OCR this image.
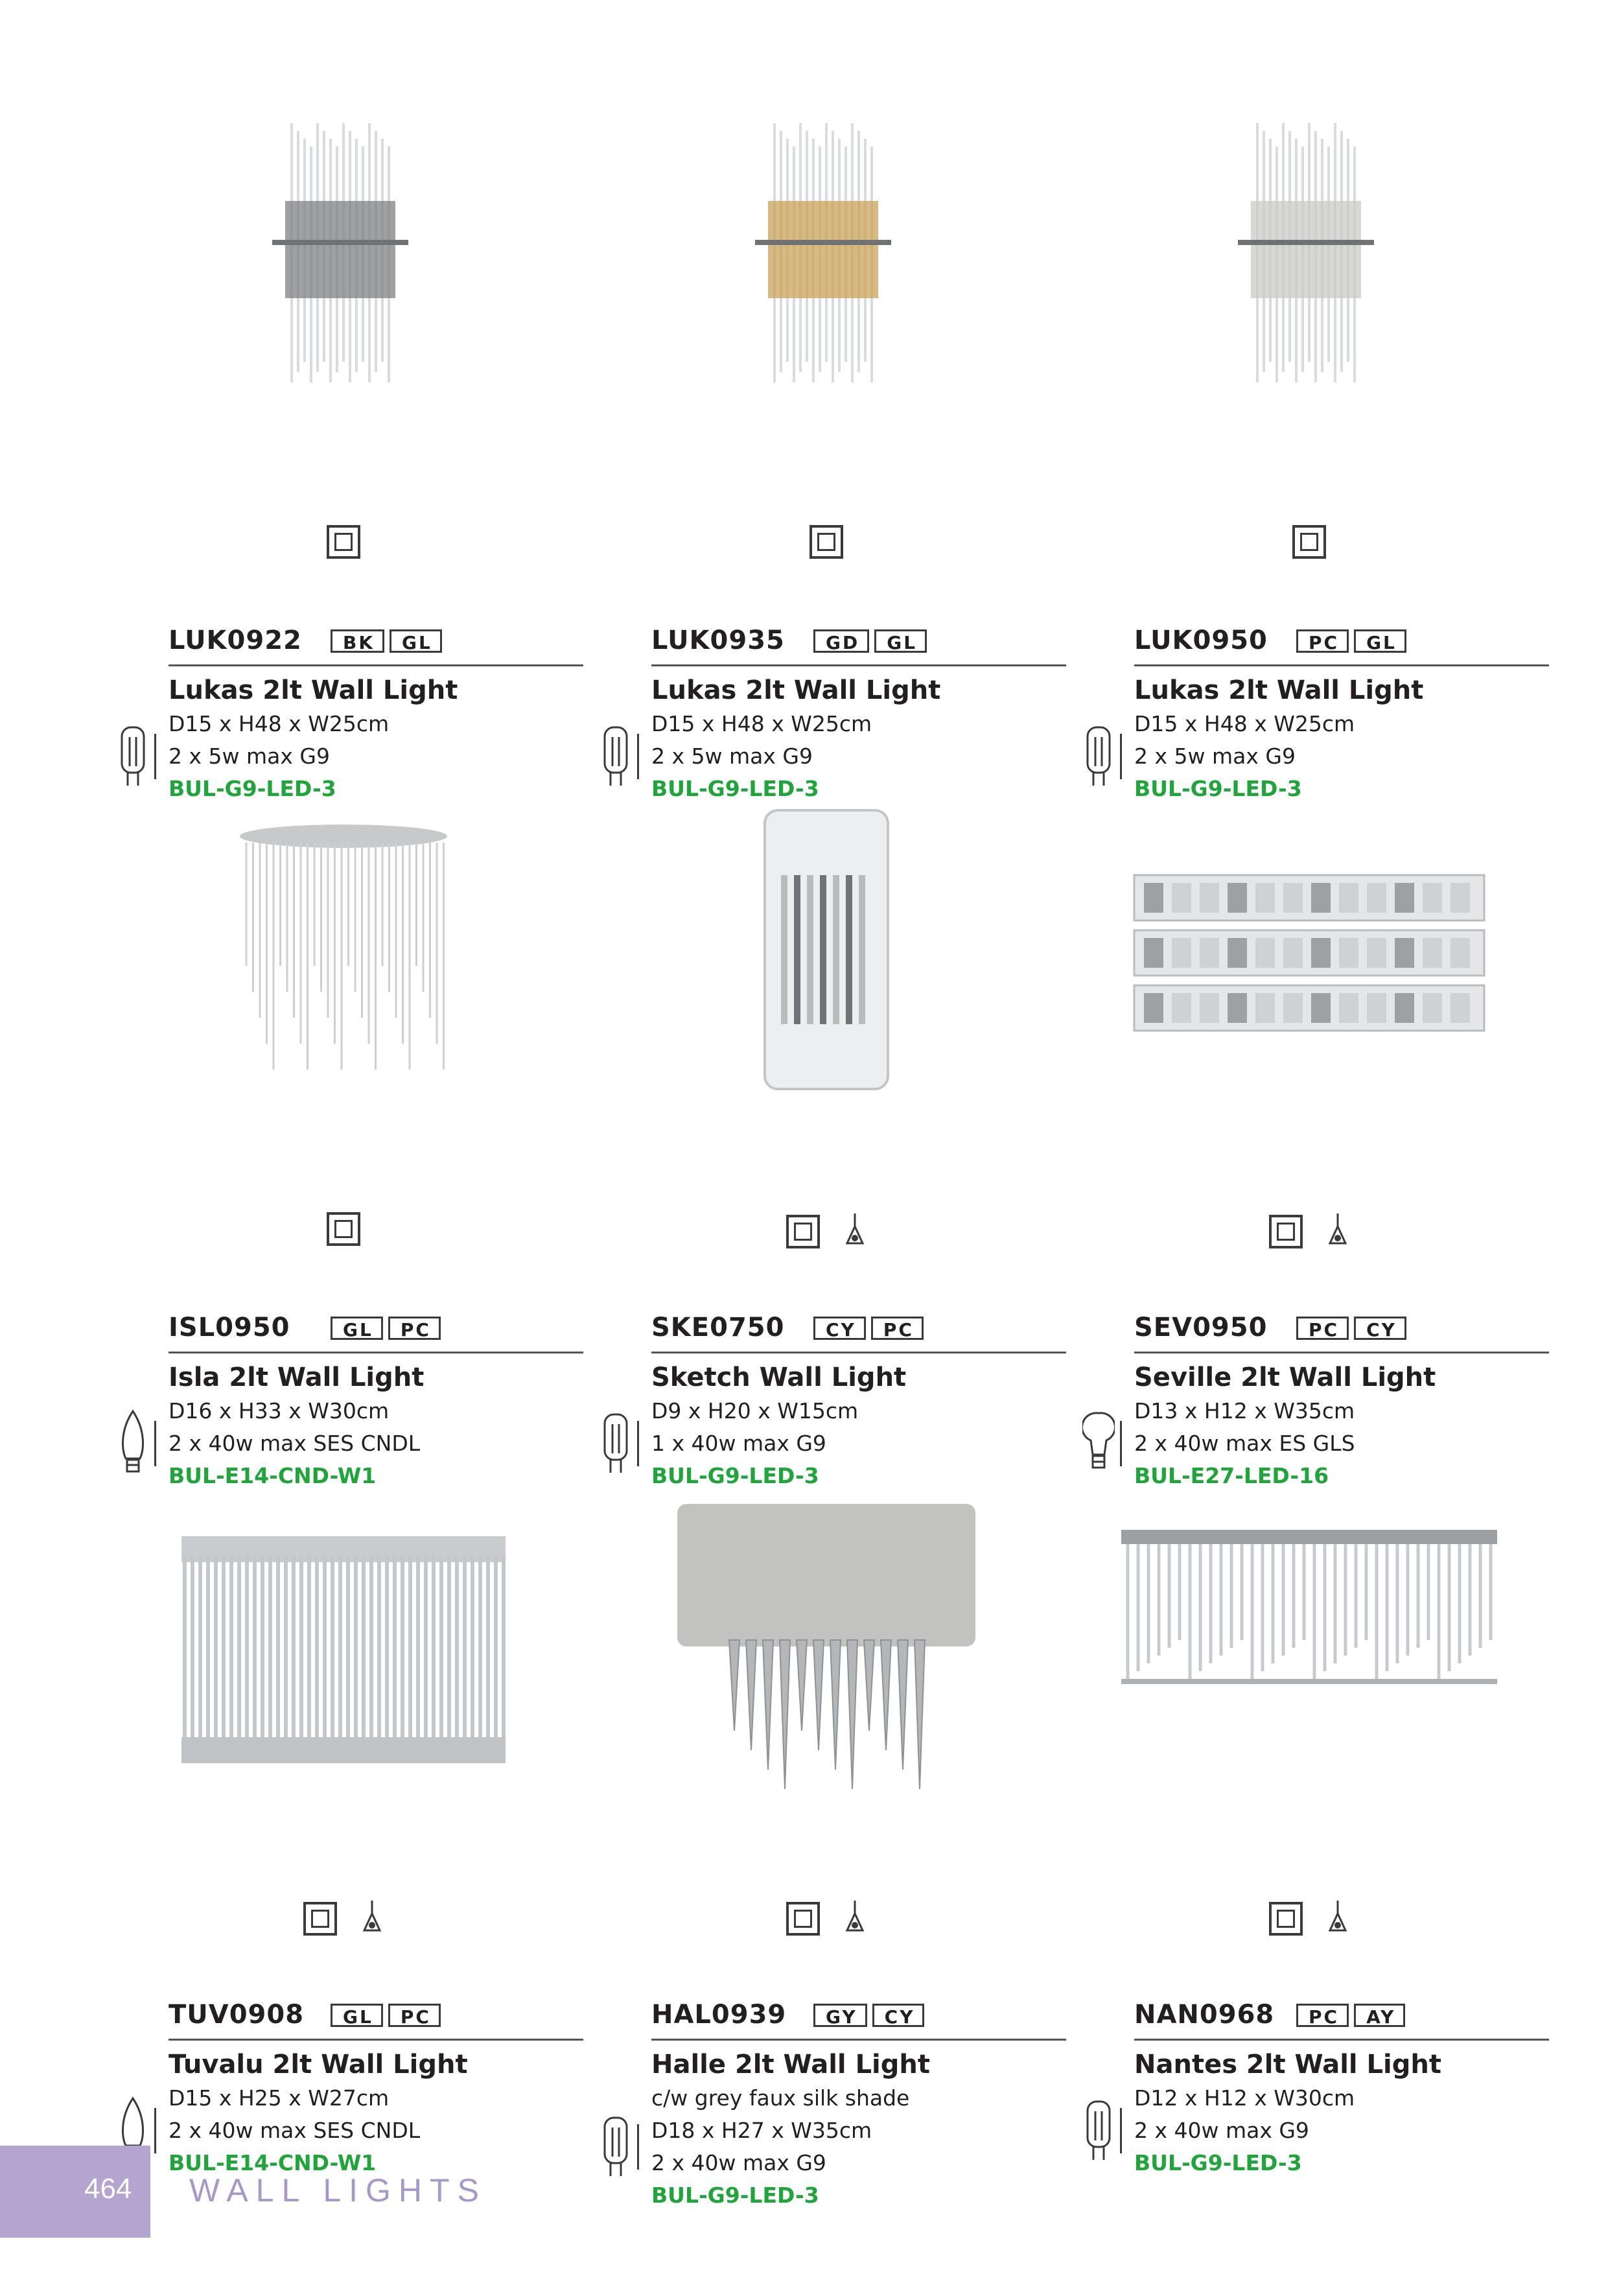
LUK0922	BK	GL
Lukas 2lt Wall Light
D15 x H48 x W25cm
2 x 5w max G9
BUL-G9-LED-3
LUK0935	GD	GL
Lukas 2lt Wall Light
D15 x H48 x W25cm
2 x 5w max G9
BUL-G9-LED-3
LUK0950	PC	GL
Lukas 2lt Wall Light
D15 x H48 x W25cm
2 x 5w max G9
BUL-G9-LED-3
ISL0950	GL	PC
Isla 2lt Wall Light
D16 x H33 x W30cm
2 x 40w max SES CNDL
BUL-E14-CND-W1
SKE0750	CY	PC
Sketch Wall Light
D9 x H20 x W15cm
1 x 40w max G9
BUL-G9-LED-3
SEV0950	PC	CY
Seville 2lt Wall Light
D13 x H12 x W35cm
2 x 40w max ES GLS
BUL-E27-LED-16
TUV0908	GL	PC
Tuvalu 2lt Wall Light
D15 x H25 x W27cm
2 x 40w max SES CNDL
BUL-E14-CND-W1
HAL0939	GY	CY
Halle 2lt Wall Light
c/w grey faux silk shade
D18 x H27 x W35cm
2 x 40w max G9
BUL-G9-LED-3
NAN0968	PC	AY
Nantes 2lt Wall Light
D12 x H12 x W30cm
2 x 40w max G9
BUL-G9-LED-3
464 WALL LIGHTS
